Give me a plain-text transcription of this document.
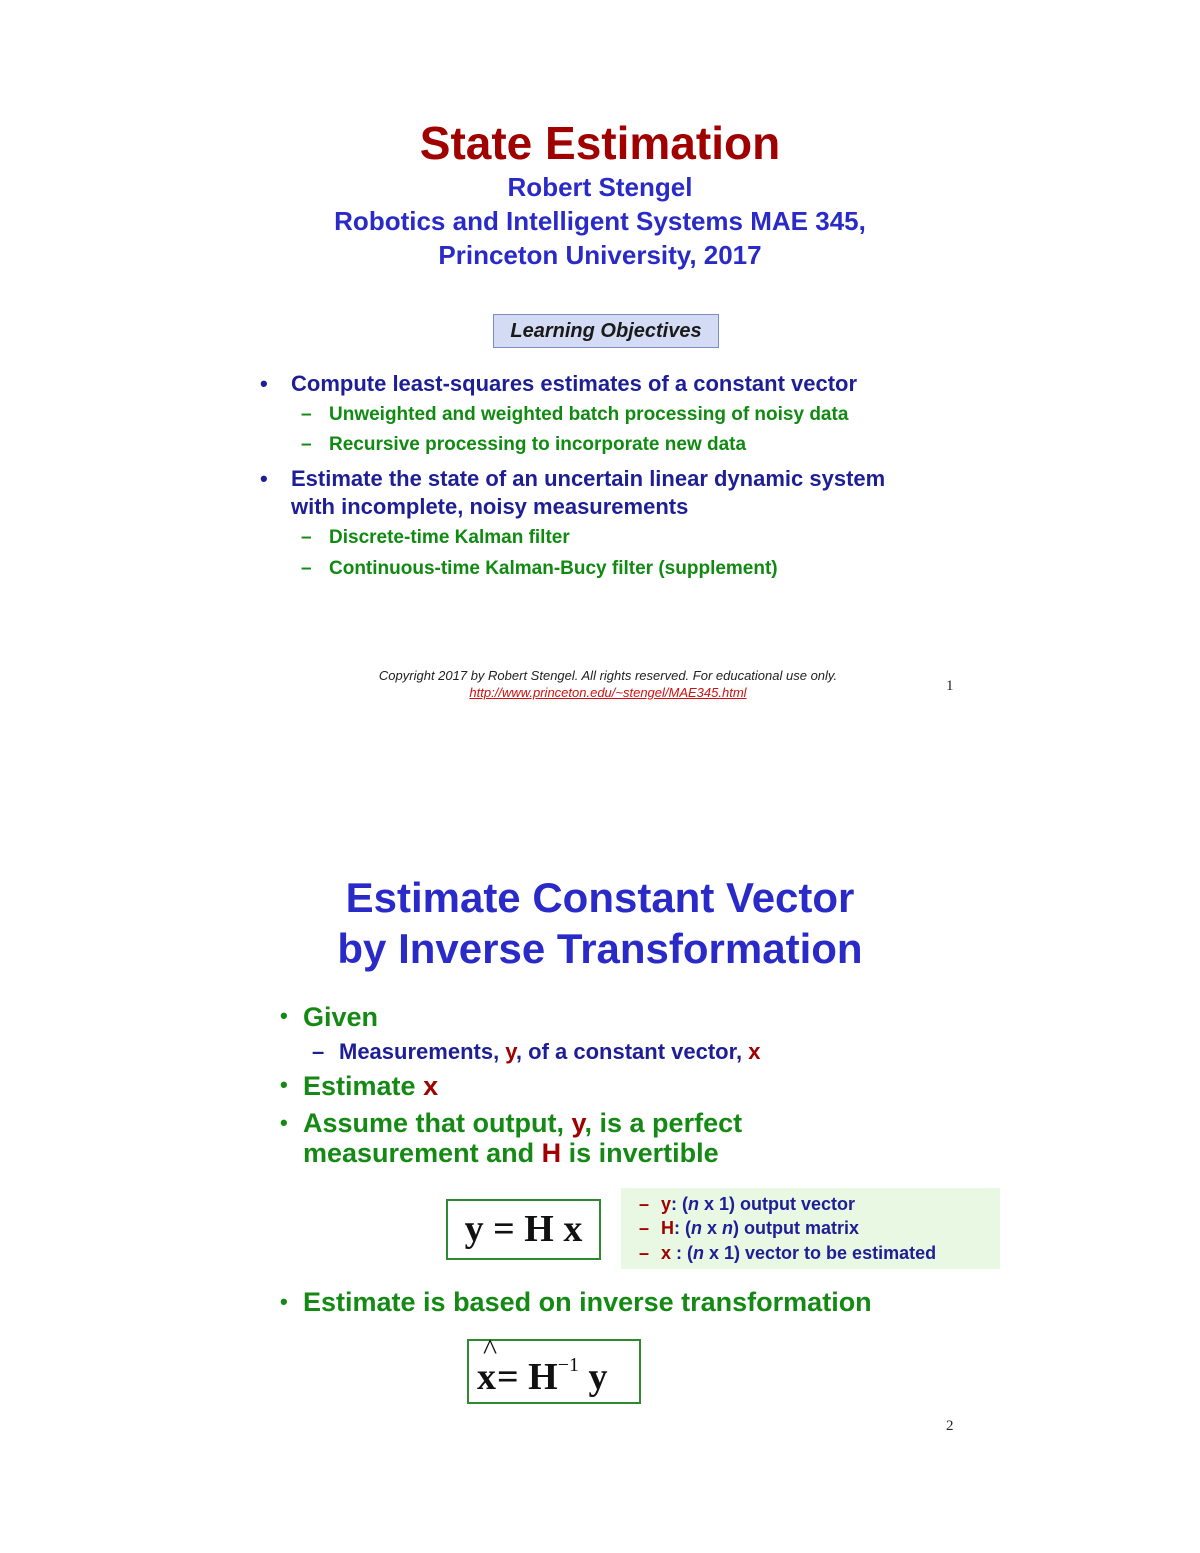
State Estimation
Robert Stengel
Robotics and Intelligent Systems MAE 345,
Princeton University, 2017
Learning Objectives
• Compute least-squares estimates of a constant vector
– Unweighted and weighted batch processing of noisy data
– Recursive processing to incorporate new data
• Estimate the state of an uncertain linear dynamic system
with incomplete, noisy measurements
– Discrete-time Kalman filter
– Continuous-time Kalman-Bucy filter (supplement)
Copyright 2017 by Robert Stengel. All rights reserved. For educational use only.
http://www.princeton.edu/~stengel/MAE345.html	1
Estimate Constant Vector
by Inverse Transformation
• Given
– Measurements, y, of a constant vector, x
• Estimate x
• Assume that output, y, is a perfect
measurement and H is invertible
y = H x
– y: (n x 1) output vector
– H: (n x n) output matrix
– x : (n x 1) vector to be estimated
• Estimate is based on inverse transformation
x
^
= $H^{-1}$ y
2
